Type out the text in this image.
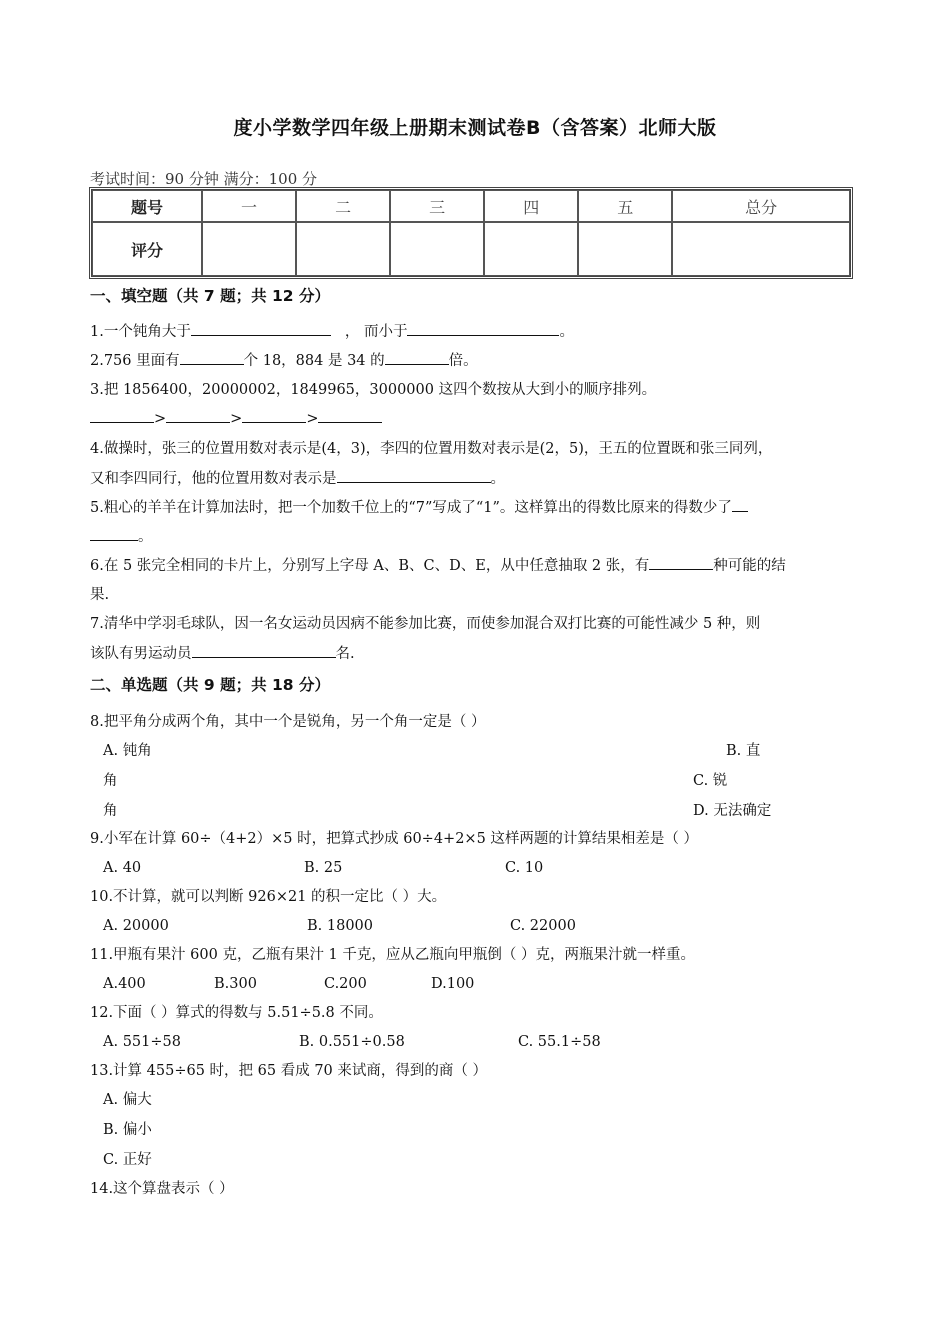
度小学数学四年级上册期末测试卷B（含答案）北师大版
考试时间：90 分钟 满分：100 分
题号	一	二	三	四	五	总分
评分						
一、填空题（共 7 题；共 12 分）
1.一个钝角大于	， 而小于	。
2.756 里面有	个 18，884 是 34 的	倍。
3.把 1856400，20000002，1849965，3000000 这四个数按从大到小的顺序排列。
>	>	>
4.做操时，张三的位置用数对表示是(4，3)，李四的位置用数对表示是(2，5)，王五的位置既和张三同列，
又和李四同行，他的位置用数对表示是	。
5.粗心的羊羊在计算加法时，把一个加数千位上的“7”写成了“1”。这样算出的得数比原来的得数少了
。
6.在 5 张完全相同的卡片上，分别写上字母 A、B、C、D、E，从中任意抽取 2 张，有	种可能的结
果.
7.清华中学羽毛球队，因一名女运动员因病不能参加比赛，而使参加混合双打比赛的可能性减少 5 种，则
该队有男运动员	名.
二、单选题（共 9 题；共 18 分）
8.把平角分成两个角，其中一个是锐角，另一个角一定是（ ）
A. 钝角	B. 直
角	C. 锐
角	D. 无法确定
9.小军在计算 60÷（4+2）×5 时，把算式抄成 60÷4+2×5 这样两题的计算结果相差是（ ）
A. 40	B. 25	C. 10
10.不计算，就可以判断 926×21 的积一定比（ ）大。
A. 20000	B. 18000	C. 22000
11.甲瓶有果汁 600 克，乙瓶有果汁 1 千克，应从乙瓶向甲瓶倒（ ）克，两瓶果汁就一样重。
A.400	B.300	C.200	D.100
12.下面（ ）算式的得数与 5.51÷5.8 不同。
A. 551÷58	B. 0.551÷0.58	C. 55.1÷58
13.计算 455÷65 时，把 65 看成 70 来试商，得到的商（ ）
A. 偏大
B. 偏小
C. 正好
14.这个算盘表示（ ）
